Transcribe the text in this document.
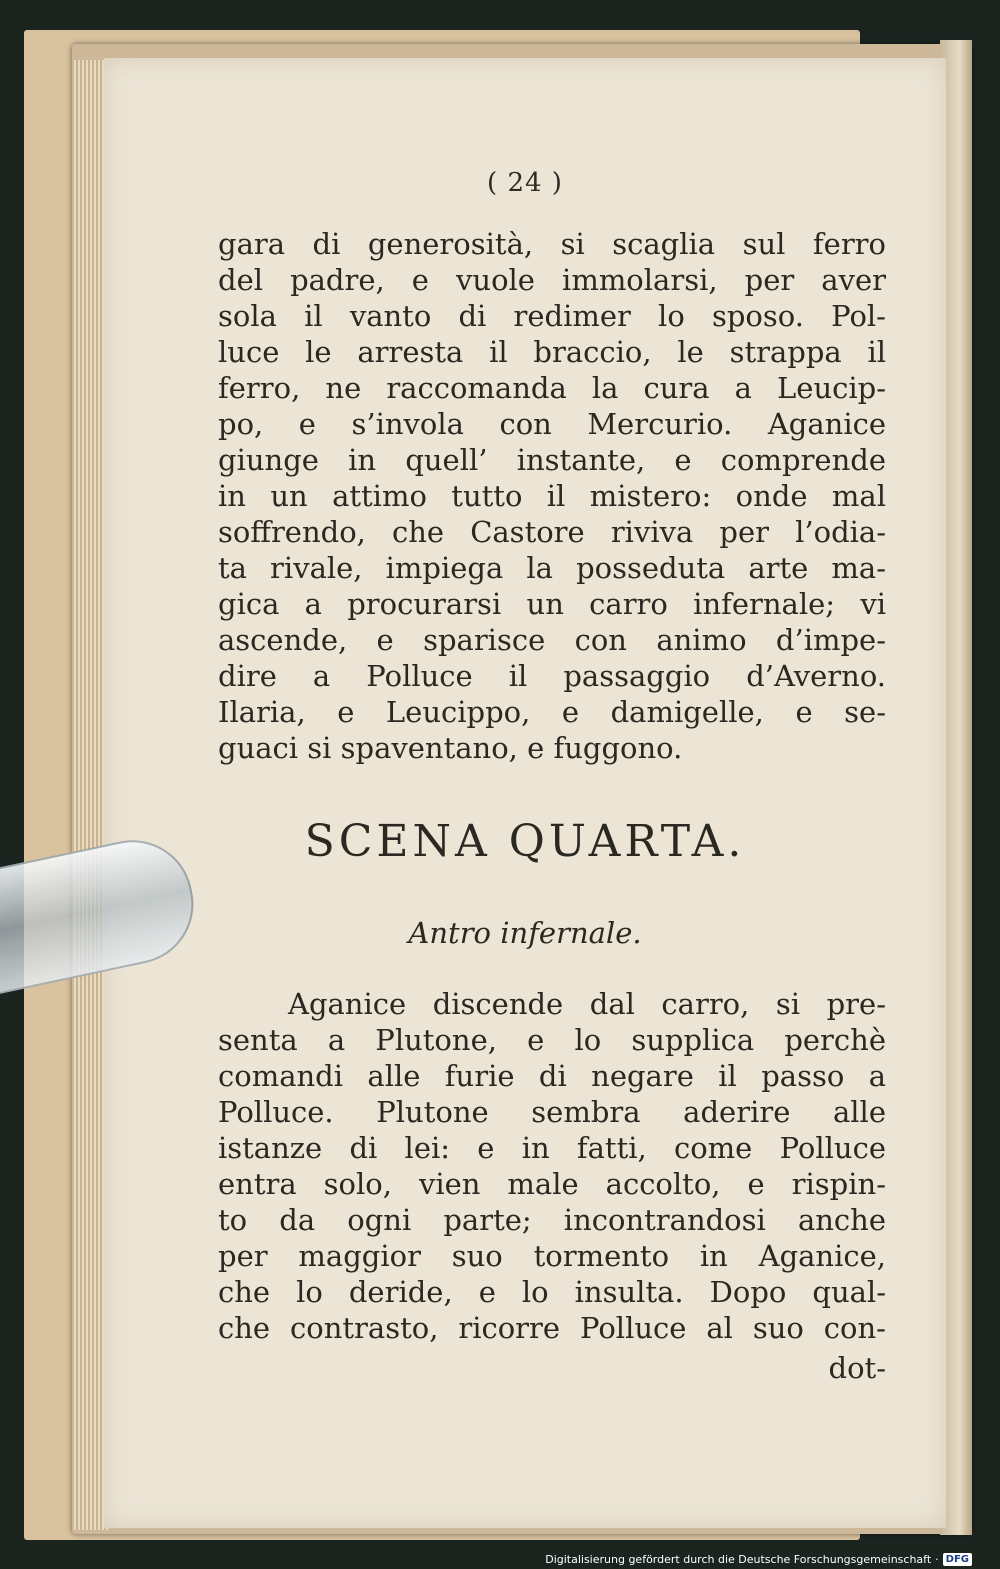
( 24 )
gara di generosità, si scaglia sul ferro
del padre, e vuole immolarsi, per aver
sola il vanto di redimer lo sposo. Pol-
luce le arresta il braccio, le strappa il
ferro, ne raccomanda la cura a Leucip-
po, e s’invola con Mercurio. Aganice
giunge in quell’ instante, e comprende
in un attimo tutto il mistero: onde mal
soffrendo, che Castore riviva per l’odia-
ta rivale, impiega la posseduta arte ma-
gica a procurarsi un carro infernale; vi
ascende, e sparisce con animo d’impe-
dire a Polluce il passaggio d’Averno.
Ilaria, e Leucippo, e damigelle, e se-
guaci si spaventano, e fuggono.
SCENA QUARTA.
Antro infernale.
Aganice discende dal carro, si pre-
senta a Plutone, e lo supplica perchè
comandi alle furie di negare il passo a
Polluce. Plutone sembra aderire alle
istanze di lei: e in fatti, come Polluce
entra solo, vien male accolto, e rispin-
to da ogni parte; incontrandosi anche
per maggior suo tormento in Aganice,
che lo deride, e lo insulta. Dopo qual-
che contrasto, ricorre Polluce al suo con-
dot-
Digitalisierung gefördert durch die Deutsche Forschungsgemeinschaft · DFG
